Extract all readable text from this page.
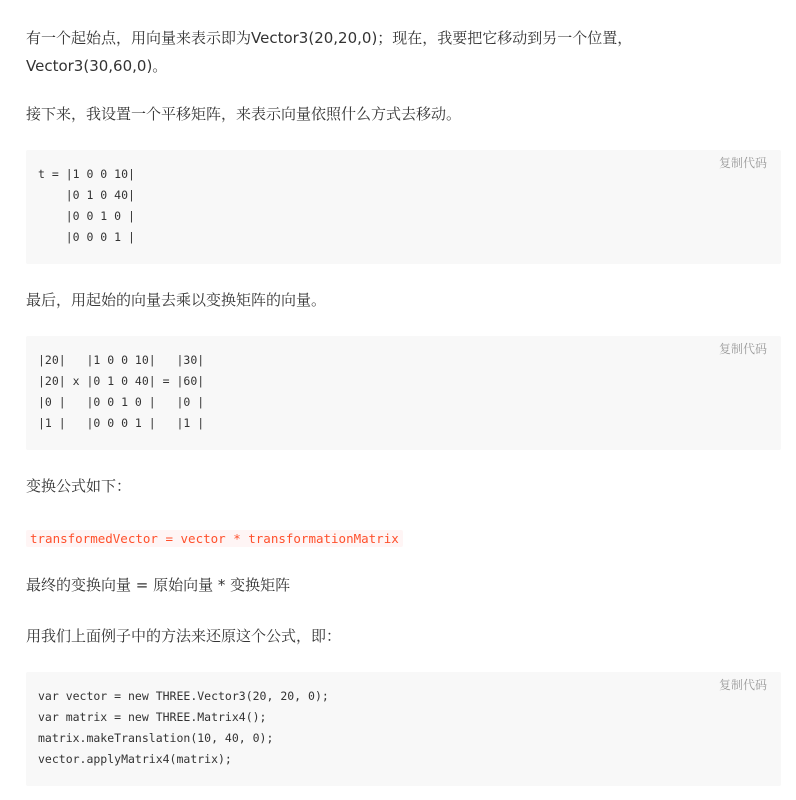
有一个起始点，用向量来表示即为Vector3(20,20,0)；现在，我要把它移动到另一个位置，
Vector3(30,60,0)。
接下来，我设置一个平移矩阵，来表示向量依照什么方式去移动。
复制代码
t = |1 0 0 10|
|0 1 0 40|
|0 0 1 0 |
|0 0 0 1 |
最后，用起始的向量去乘以变换矩阵的向量。
复制代码
|20|   |1 0 0 10|   |30|
|20| x |0 1 0 40| = |60|
|0 |   |0 0 1 0 |   |0 |
|1 |   |0 0 0 1 |   |1 |
变换公式如下：
transformedVector = vector * transformationMatrix
最终的变换向量 = 原始向量 * 变换矩阵
用我们上面例子中的方法来还原这个公式，即：
复制代码
var vector = new THREE.Vector3(20, 20, 0);
var matrix = new THREE.Matrix4();
matrix.makeTranslation(10, 40, 0);
vector.applyMatrix4(matrix);
